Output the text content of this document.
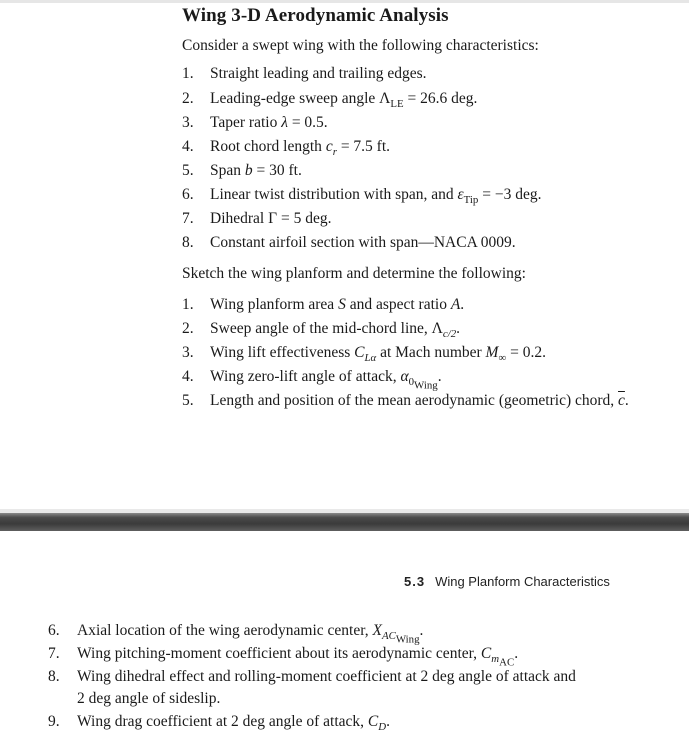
Wing 3-D Aerodynamic Analysis

Consider a swept wing with the following characteristics:

1. Straight leading and trailing edges.
2. Leading-edge sweep angle $\Lambda_{LE} = 26.6$ deg.
3. Taper ratio λ = 0.5.
4. Root chord length $c_r = 7.5$ ft.
5. Span b = 30 ft.
6. Linear twist distribution with span, and $\varepsilon_{Tip} = -3$ deg.
7. Dihedral Γ = 5 deg.
8. Constant airfoil section with span—NACA 0009.

Sketch the wing planform and determine the following:

1. Wing planform area S and aspect ratio A.
2. Sweep angle of the mid-chord line, $\Lambda_{c/2}$.
3. Wing lift effectiveness $C_{L\alpha}$ at Mach number $M_\infty = 0.2$.
4. Wing zero-lift angle of attack, $\alpha_{0Wing}$.
5. Length and position of the mean aerodynamic (geometric) chord, $\overline{c}$.
5.3 Wing Planform Characteristics
6. Axial location of the wing aerodynamic center, $X_{ACWing}$.
7. Wing pitching-moment coefficient about its aerodynamic center, $C_{mAC}$.
8. Wing dihedral effect and rolling-moment coefficient at 2 deg angle of attack and
2 deg angle of sideslip.
9. Wing drag coefficient at 2 deg angle of attack, $C_D$.
